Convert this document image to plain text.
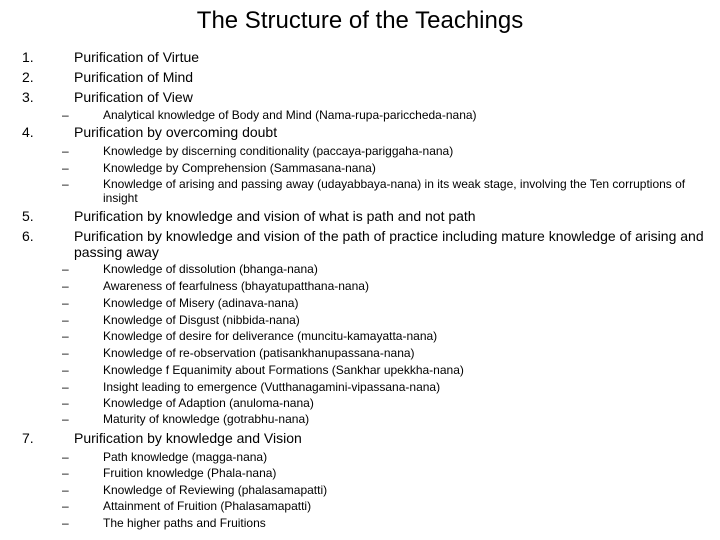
The Structure of the Teachings
1.
2.
3.
4.
5.
6.
7.
Purification of Virtue
Purification of Mind
Purification of View
Purification by overcoming doubt
Purification by knowledge and vision of what is path and not path
Purification by knowledge and vision of the path of practice including mature knowledge of arising and passing away
Purification by knowledge and Vision
–	Analytical knowledge of Body and Mind (Nama-rupa-pariccheda-nana)
–	Knowledge by discerning conditionality (paccaya-pariggaha-nana)
–	Knowledge by Comprehension (Sammasana-nana)
–	Knowledge of arising and passing away (udayabbaya-nana) in its weak stage, involving the Ten corruptions of insight
–	Knowledge of dissolution (bhanga-nana)
–	Awareness of fearfulness (bhayatupatthana-nana)
–	Knowledge of Misery (adinava-nana)
–	Knowledge of Disgust (nibbida-nana)
–	Knowledge of desire for deliverance (muncitu-kamayatta-nana)
–	Knowledge of re-observation (patisankhanupassana-nana)
–	Knowledge f Equanimity about Formations (Sankhar upekkha-nana)
–	Insight leading to emergence (Vutthanagamini-vipassana-nana)
–	Knowledge of Adaption (anuloma-nana)
–	Maturity of knowledge (gotrabhu-nana)
–	Path knowledge (magga-nana)
–	Fruition knowledge (Phala-nana)
–	Knowledge of Reviewing (phalasamapatti)
–	Attainment of Fruition (Phalasamapatti)
–	The higher paths and Fruitions
